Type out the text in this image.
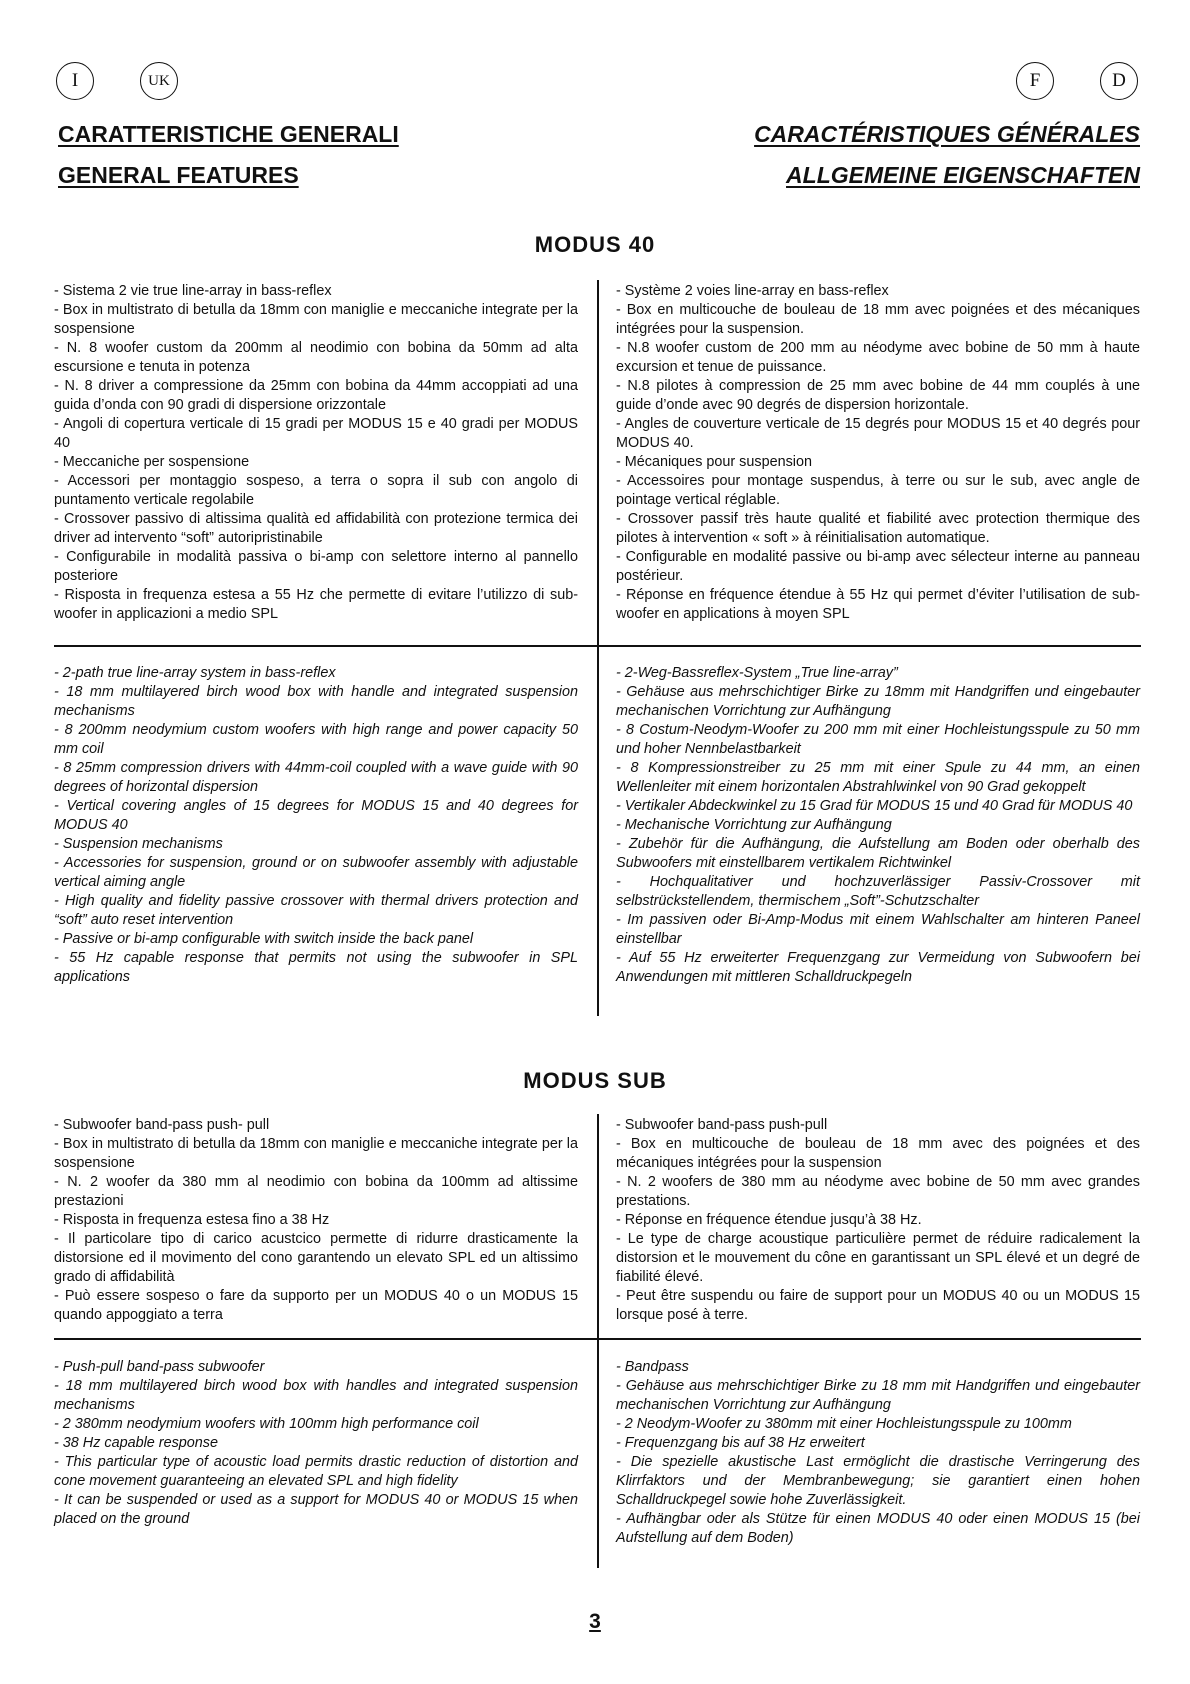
I	UK	F	D
CARATTERISTICHE GENERALI
GENERAL FEATURES
CARACTÉRISTIQUES GÉNÉRALES
ALLGEMEINE EIGENSCHAFTEN
MODUS 40
- Sistema 2 vie true line-array in bass-reflex
- Box in multistrato di betulla da 18mm con maniglie e meccaniche integrate per la sospensione
- N. 8 woofer custom da 200mm al neodimio con bobina da 50mm ad alta escursione e tenuta in potenza
- N. 8 driver a compressione da 25mm con bobina da 44mm accoppiati ad una guida d’onda con 90 gradi di dispersione orizzontale
- Angoli di copertura verticale di 15 gradi per MODUS 15 e 40 gradi per MODUS 40
- Meccaniche per sospensione
- Accessori per montaggio sospeso, a terra o sopra il sub con angolo di puntamento verticale regolabile
- Crossover passivo di altissima qualità ed affidabilità con protezione termica dei driver ad intervento “soft” autoripristinabile
- Configurabile in modalità passiva o bi-amp con selettore interno al pannello posteriore
- Risposta in frequenza estesa a 55 Hz che permette di evitare l’utilizzo di sub-woofer in applicazioni a medio SPL
- Système 2 voies line-array en bass-reflex
- Box en multicouche de bouleau de 18 mm avec poignées et des mécaniques intégrées pour la suspension.
- N.8 woofer custom de 200 mm au néodyme avec bobine de 50 mm à haute excursion et tenue de puissance.
- N.8 pilotes à compression de 25 mm avec bobine de 44 mm couplés à une guide d’onde avec 90 degrés de dispersion horizontale.
- Angles de couverture verticale de 15 degrés pour MODUS 15 et 40 degrés pour MODUS 40.
- Mécaniques pour suspension
- Accessoires pour montage suspendus, à terre ou sur le sub, avec angle de pointage vertical réglable.
- Crossover passif très haute qualité et fiabilité avec protection thermique des pilotes à intervention « soft » à réinitialisation automatique.
- Configurable en modalité passive ou bi-amp avec sélecteur interne au panneau postérieur.
- Réponse en fréquence étendue à 55 Hz qui permet d’éviter l’utilisation de sub-woofer en applications à moyen SPL
- 2-path true line-array system in bass-reflex
- 18 mm multilayered birch wood box with handle and integrated suspension mechanisms
- 8 200mm neodymium custom woofers with high range and power capacity 50 mm coil
- 8 25mm compression drivers with 44mm-coil coupled with a wave guide with 90 degrees of horizontal dispersion
- Vertical covering angles of 15 degrees for MODUS 15 and 40 degrees for MODUS 40
- Suspension mechanisms
- Accessories for suspension, ground or on subwoofer assembly with adjustable vertical aiming angle
- High quality and fidelity passive crossover with thermal drivers protection and “soft” auto reset intervention
- Passive or bi-amp configurable with switch inside the back panel
- 55 Hz capable response that permits not using the subwoofer in SPL applications
- 2-Weg-Bassreflex-System „True line-array”
- Gehäuse aus mehrschichtiger Birke zu 18mm mit Handgriffen und eingebauter mechanischen Vorrichtung zur Aufhängung
- 8 Costum-Neodym-Woofer zu 200 mm mit einer Hochleistungsspule zu 50 mm und hoher Nennbelastbarkeit
- 8 Kompressionstreiber zu 25 mm mit einer Spule zu 44 mm, an einen Wellenleiter mit einem horizontalen Abstrahlwinkel von 90 Grad gekoppelt
- Vertikaler Abdeckwinkel zu 15 Grad für MODUS 15 und 40 Grad für MODUS 40
- Mechanische Vorrichtung zur Aufhängung
- Zubehör für die Aufhängung, die Aufstellung am Boden oder oberhalb des Subwoofers mit einstellbarem vertikalem Richtwinkel
- Hochqualitativer und hochzuverlässiger Passiv-Crossover mit selbstrückstellendem, thermischem „Soft”-Schutzschalter
- Im passiven oder Bi-Amp-Modus mit einem Wahlschalter am hinteren Paneel einstellbar
- Auf 55 Hz erweiterter Frequenzgang zur Vermeidung von Subwoofern bei Anwendungen mit mittleren Schalldruckpegeln
MODUS SUB
- Subwoofer band-pass push- pull
- Box in multistrato di betulla da 18mm con maniglie e meccaniche integrate per la sospensione
- N. 2 woofer da 380 mm al neodimio con bobina da 100mm ad altissime prestazioni
- Risposta in frequenza estesa fino a 38 Hz
- Il particolare tipo di carico acustcico permette di ridurre drasticamente la distorsione ed il movimento del cono garantendo un elevato SPL ed un altissimo grado di affidabilità
- Può essere sospeso o fare da supporto per un MODUS 40 o un MODUS 15 quando appoggiato a terra
- Subwoofer band-pass push-pull
- Box en multicouche de bouleau de 18 mm avec des poignées et des mécaniques intégrées pour la suspension
- N. 2 woofers de 380 mm au néodyme avec bobine de 50 mm avec grandes prestations.
- Réponse en fréquence étendue jusqu’à 38 Hz.
- Le type de charge acoustique particulière permet de réduire radicalement la distorsion et le mouvement du cône en garantissant un SPL élevé et un degré de fiabilité élevé.
- Peut être suspendu ou faire de support pour un MODUS 40 ou un MODUS 15 lorsque posé à terre.
- Push-pull band-pass subwoofer
- 18 mm multilayered birch wood box with handles and integrated suspension mechanisms
- 2 380mm neodymium woofers with 100mm high performance coil
- 38 Hz capable response
- This particular type of acoustic load permits drastic reduction of distortion and cone movement guaranteeing an elevated SPL and high fidelity
- It can be suspended or used as a support for MODUS 40 or MODUS 15 when placed on the ground
- Bandpass
- Gehäuse aus mehrschichtiger Birke zu 18 mm mit Handgriffen und eingebauter mechanischen Vorrichtung zur Aufhängung
- 2 Neodym-Woofer zu 380mm mit einer Hochleistungsspule zu 100mm
- Frequenzgang bis auf 38 Hz erweitert
- Die spezielle akustische Last ermöglicht die drastische Verringerung des Klirrfaktors und der Membranbewegung; sie garantiert einen hohen Schalldruckpegel sowie hohe Zuverlässigkeit.
- Aufhängbar oder als Stütze für einen MODUS 40 oder einen MODUS 15 (bei Aufstellung auf dem Boden)
3
